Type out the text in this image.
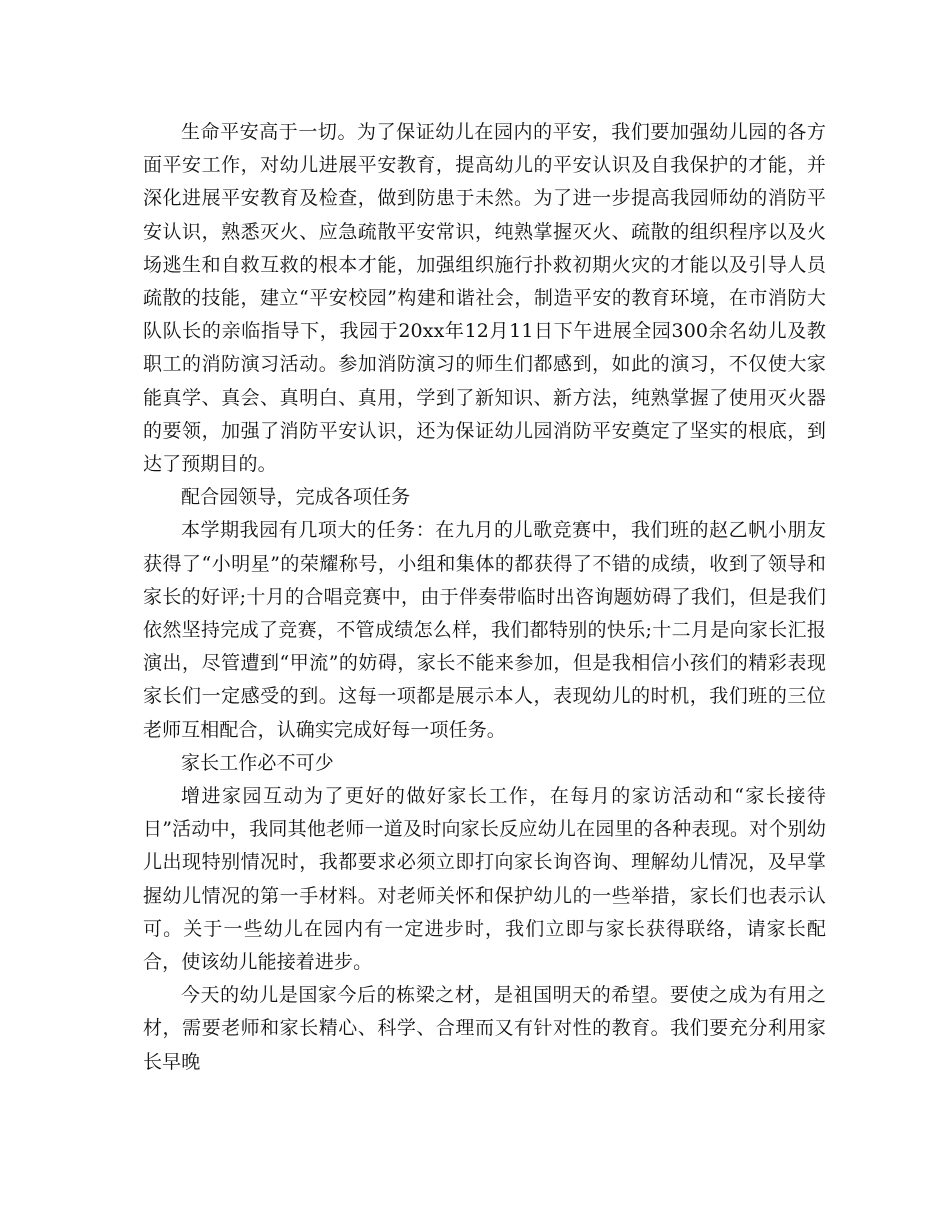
生命平安高于一切。为了保证幼儿在园内的平安，我们要加强幼儿园的各方面平安工作，对幼儿进展平安教育，提高幼儿的平安认识及自我保护的才能，并深化进展平安教育及检查，做到防患于未然。为了进一步提高我园师幼的消防平安认识，熟悉灭火、应急疏散平安常识，纯熟掌握灭火、疏散的组织程序以及火场逃生和自救互救的根本才能，加强组织施行扑救初期火灾的才能以及引导人员疏散的技能，建立“平安校园”构建和谐社会，制造平安的教育环境，在市消防大队队长的亲临指导下，我园于20xx年12月11日下午进展全园300余名幼儿及教职工的消防演习活动。参加消防演习的师生们都感到，如此的演习，不仅使大家能真学、真会、真明白、真用，学到了新知识、新方法，纯熟掌握了使用灭火器的要领，加强了消防平安认识，还为保证幼儿园消防平安奠定了坚实的根底，到达了预期目的。

配合园领导，完成各项任务

本学期我园有几项大的任务：在九月的儿歌竞赛中，我们班的赵乙帆小朋友获得了“小明星”的荣耀称号，小组和集体的都获得了不错的成绩，收到了领导和家长的好评;十月的合唱竞赛中，由于伴奏带临时出咨询题妨碍了我们，但是我们依然坚持完成了竞赛，不管成绩怎么样，我们都特别的快乐;十二月是向家长汇报演出，尽管遭到“甲流”的妨碍，家长不能来参加，但是我相信小孩们的精彩表现家长们一定感受的到。这每一项都是展示本人，表现幼儿的时机，我们班的三位老师互相配合，认确实完成好每一项任务。

家长工作必不可少

增进家园互动为了更好的做好家长工作，在每月的家访活动和“家长接待日”活动中，我同其他老师一道及时向家长反应幼儿在园里的各种表现。对个别幼儿出现特别情况时，我都要求必须立即打向家长询咨询、理解幼儿情况，及早掌握幼儿情况的第一手材料。对老师关怀和保护幼儿的一些举措，家长们也表示认可。关于一些幼儿在园内有一定进步时，我们立即与家长获得联络，请家长配合，使该幼儿能接着进步。

今天的幼儿是国家今后的栋梁之材，是祖国明天的希望。要使之成为有用之材，需要老师和家长精心、科学、合理而又有针对性的教育。我们要充分利用家长早晚
